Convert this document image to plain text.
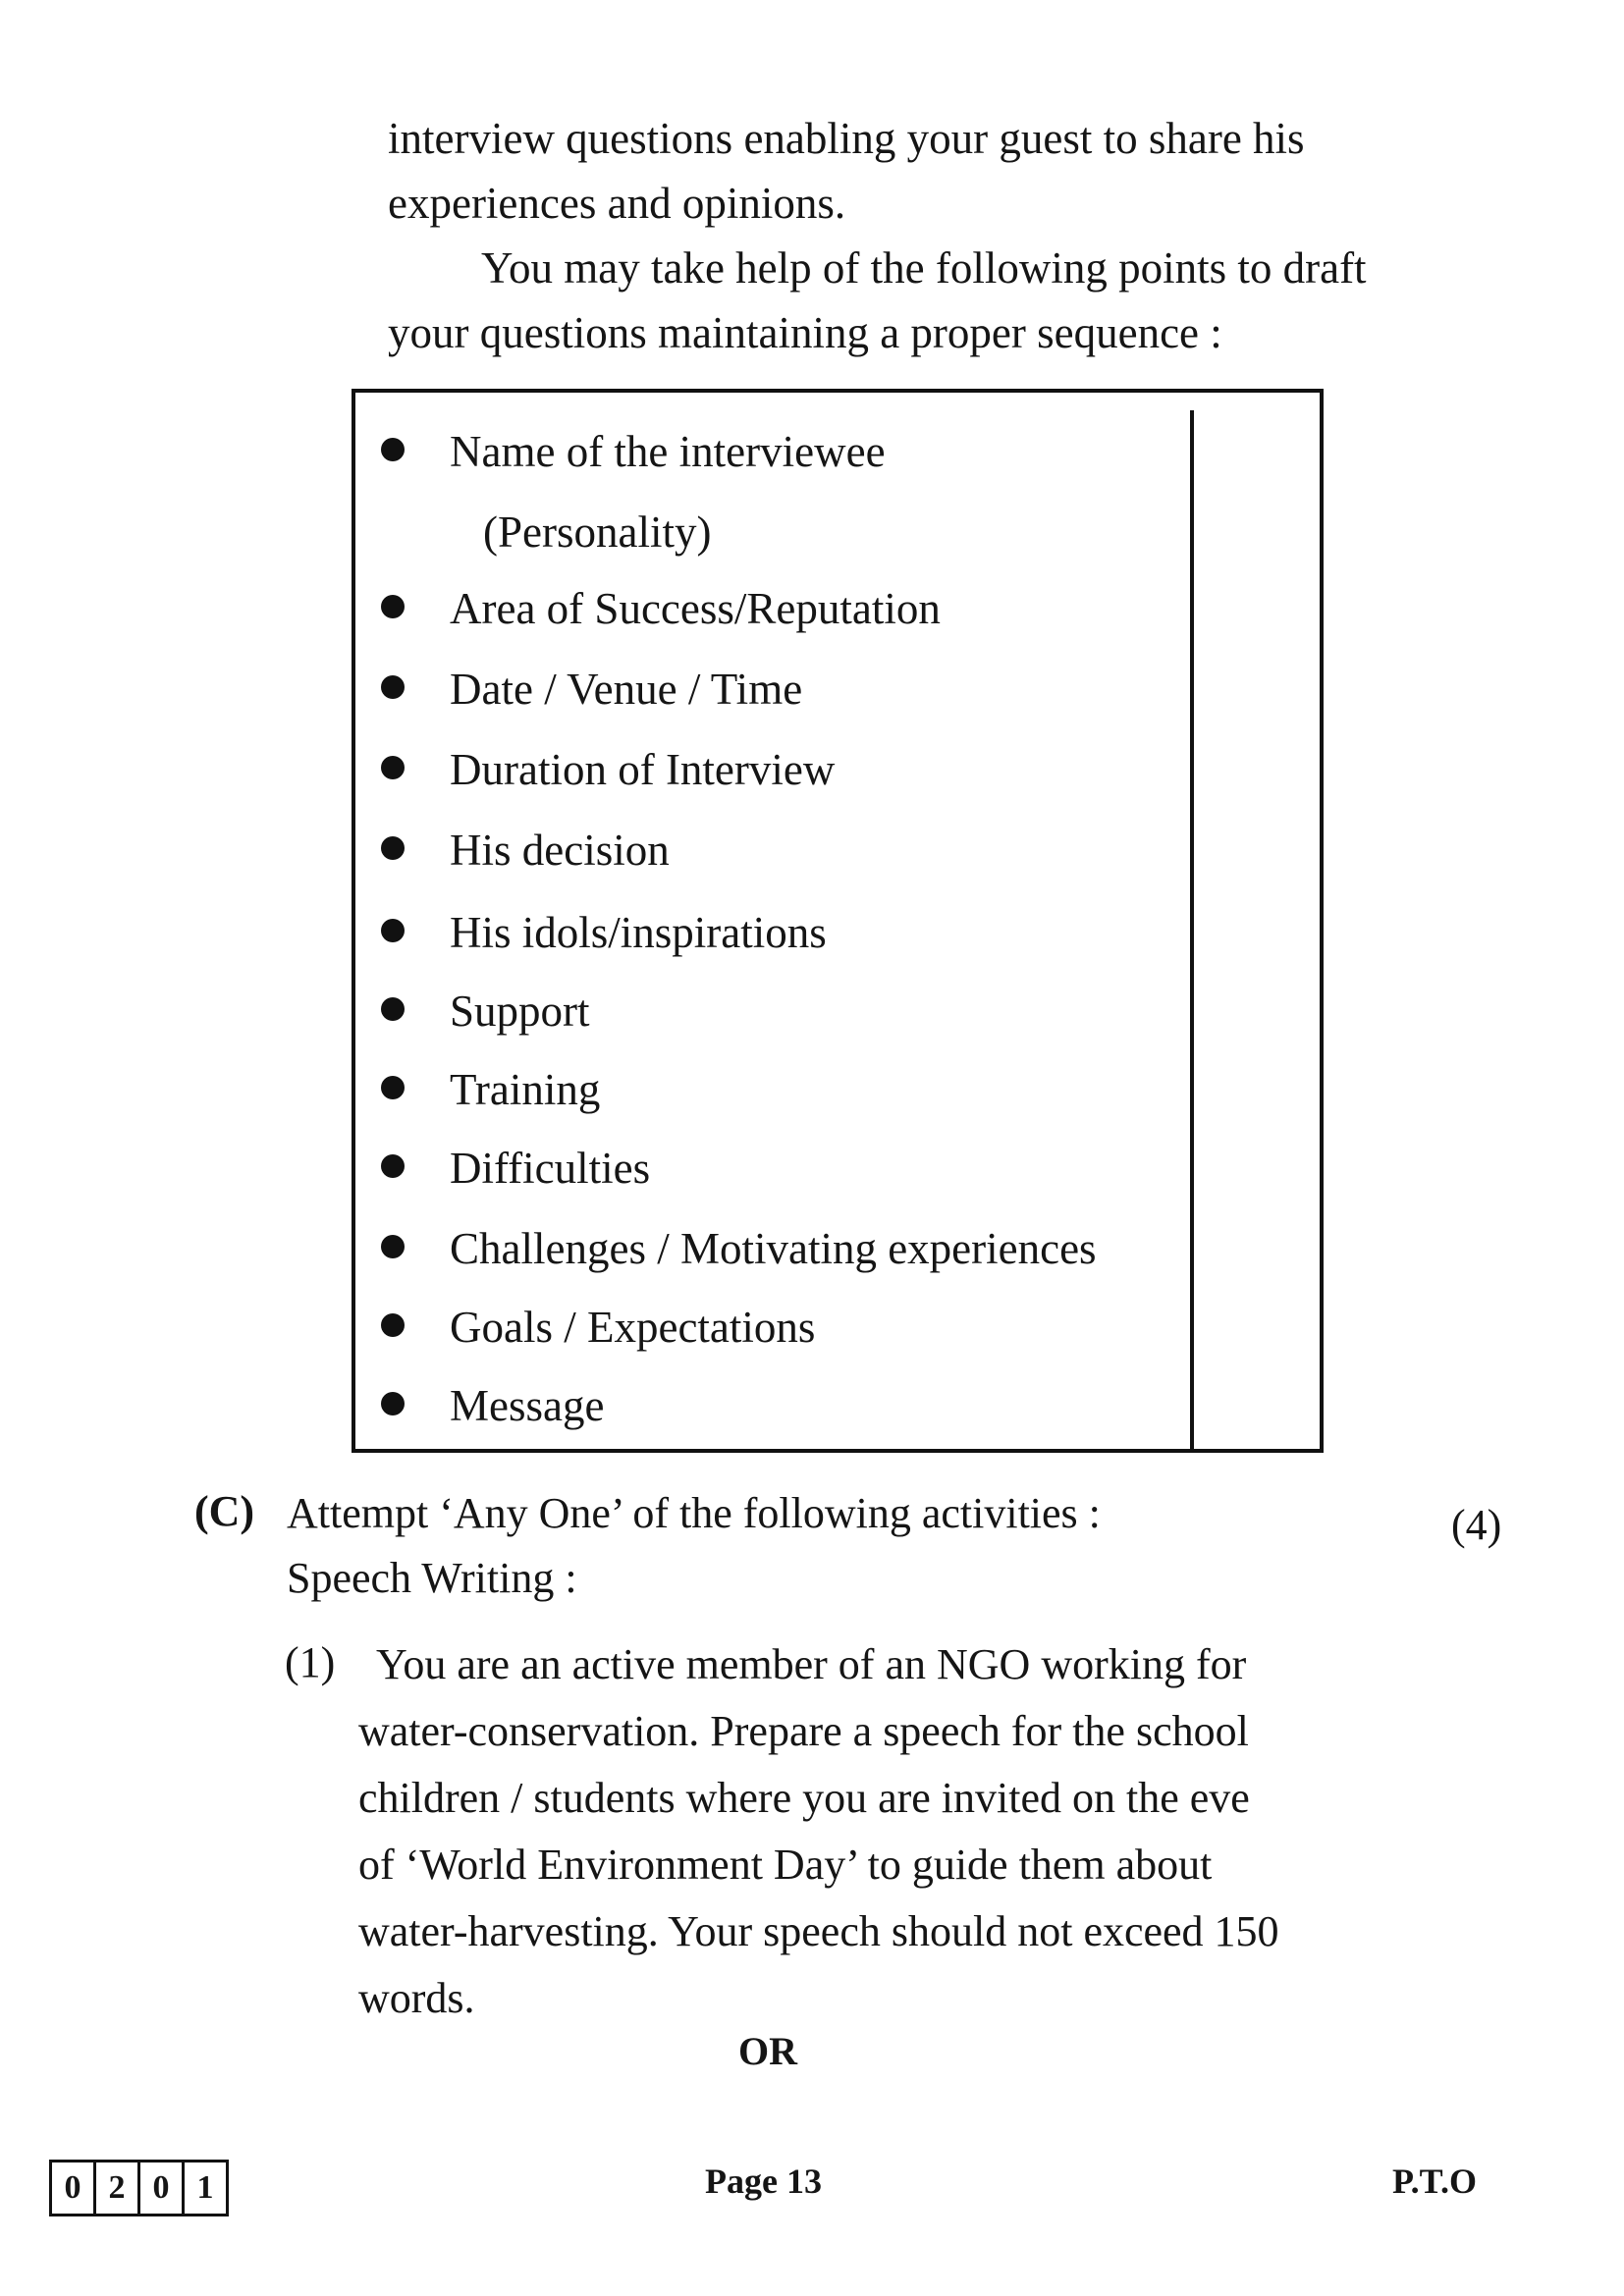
interview questions enabling your guest to share his
experiences and opinions.
You may take help of the following points to draft
your questions maintaining a proper sequence :
Name of the interviewee
(Personality)
Area of Success/Reputation
Date / Venue / Time
Duration of Interview
His decision
His idols/inspirations
Support
Training
Difficulties
Challenges / Motivating experiences
Goals / Expectations
Message
(C) Attempt ‘Any One’ of the following activities :	(4)
Speech Writing :
(1) You are an active member of an NGO working for
water-conservation. Prepare a speech for the school
children / students where you are invited on the eve
of ‘World Environment Day’ to guide them about
water-harvesting. Your speech should not exceed 150
words.
OR
0 2 0 1	Page 13	P.T.O
